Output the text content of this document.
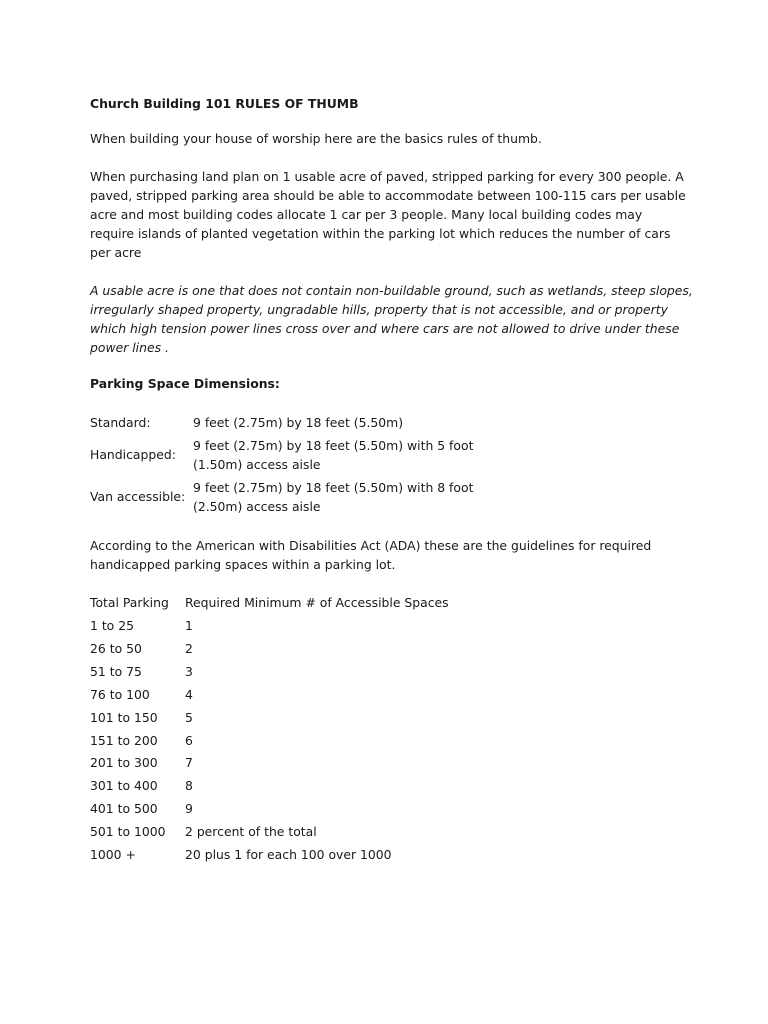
Church Building 101 RULES OF THUMB
When building your house of worship here are the basics rules of thumb.
When purchasing land plan on 1 usable acre of paved, stripped parking for every 300 people. A
paved, stripped parking area should be able to accommodate between 100-115 cars per usable
acre and most building codes allocate 1 car per 3 people. Many local building codes may
require islands of planted vegetation within the parking lot which reduces the number of cars
per acre
A usable acre is one that does not contain non-buildable ground, such as wetlands, steep slopes,
irregularly shaped property, ungradable hills, property that is not accessible, and or property
which high tension power lines cross over and where cars are not allowed to drive under these
power lines .
Parking Space Dimensions:
Standard:	9 feet (2.75m) by 18 feet (5.50m)
Handicapped:
9 feet (2.75m) by 18 feet (5.50m) with 5 foot
(1.50m) access aisle
Van accessible:
9 feet (2.75m) by 18 feet (5.50m) with 8 foot
(2.50m) access aisle
According to the American with Disabilities Act (ADA) these are the guidelines for required
handicapped parking spaces within a parking lot.
Total Parking Required Minimum # of Accessible Spaces
1 to 25	1
26 to 50	2
51 to 75	3
76 to 100	4
101 to 150 5
151 to 200 6
201 to 300 7
301 to 400 8
401 to 500 9
501 to 1000 2 percent of the total
1000 +	20 plus 1 for each 100 over 1000
